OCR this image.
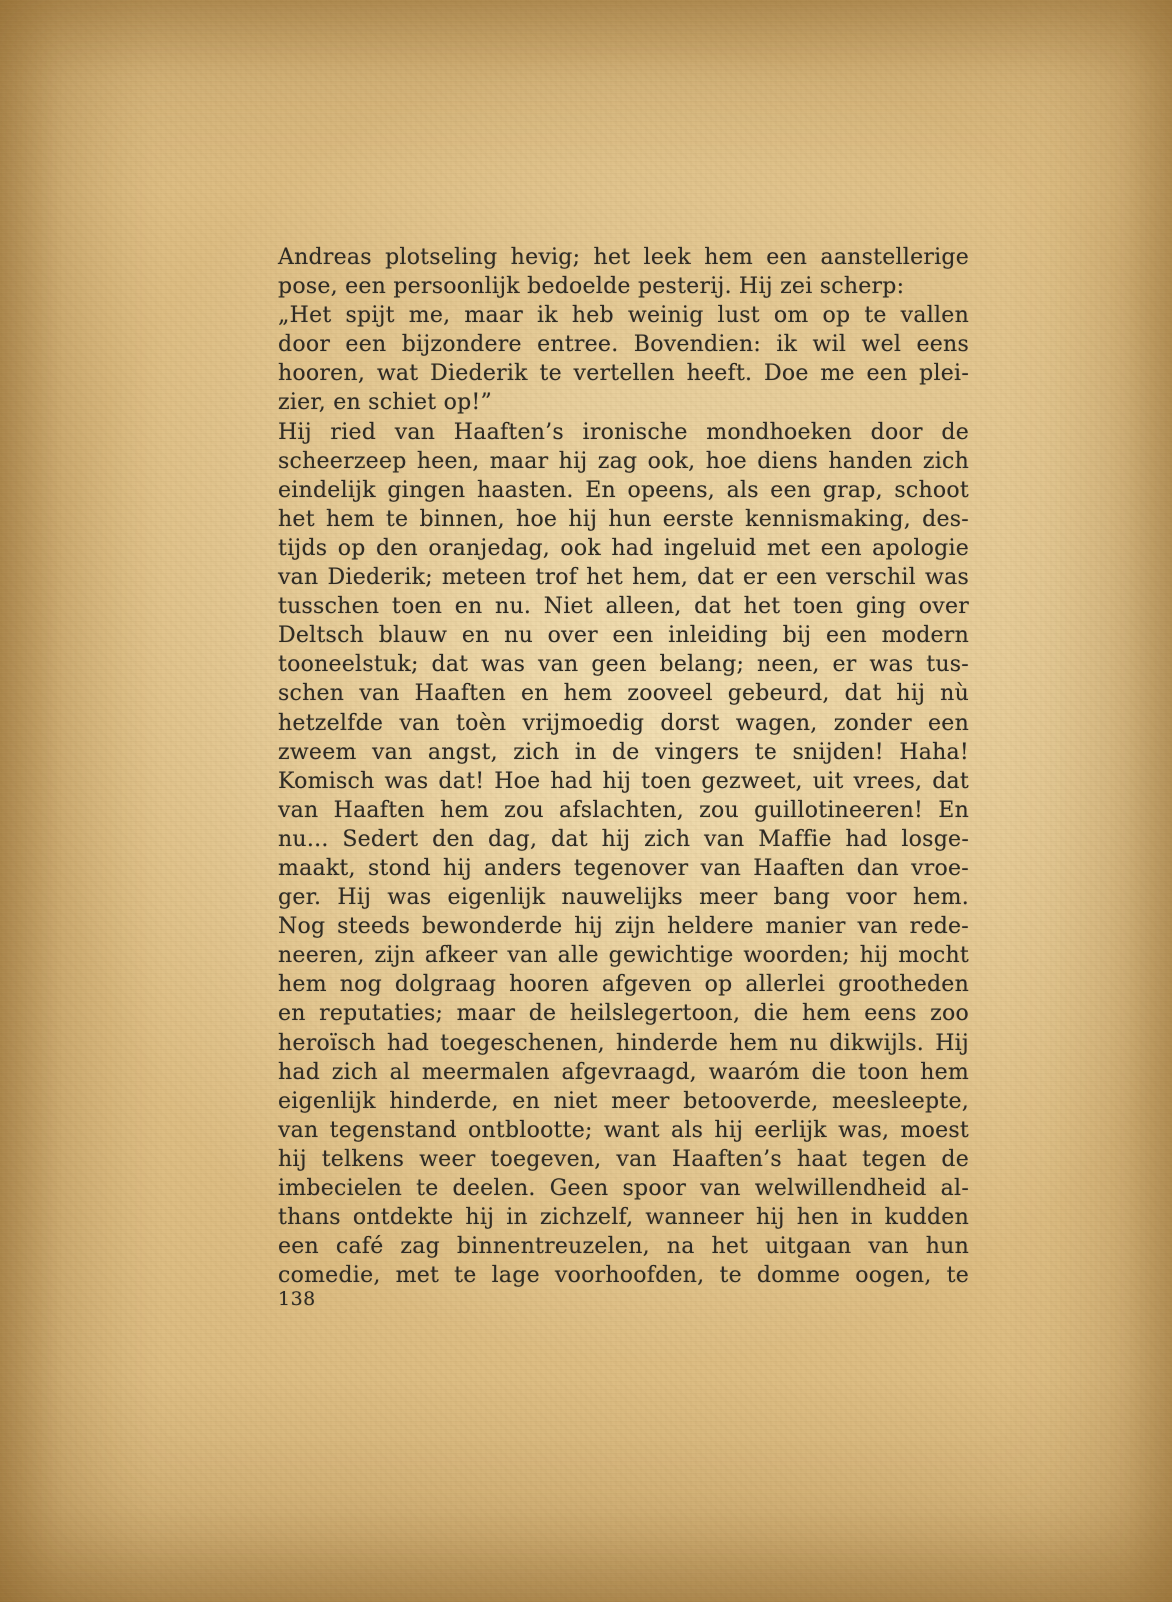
Andreas plotseling hevig; het leek hem een aanstellerige
pose, een persoonlijk bedoelde pesterij. Hij zei scherp:
„Het spijt me, maar ik heb weinig lust om op te vallen
door een bijzondere entree. Bovendien: ik wil wel eens
hooren, wat Diederik te vertellen heeft. Doe me een plei-
zier, en schiet op!”
Hij ried van Haaften’s ironische mondhoeken door de
scheerzeep heen, maar hij zag ook, hoe diens handen zich
eindelijk gingen haasten. En opeens, als een grap, schoot
het hem te binnen, hoe hij hun eerste kennismaking, des-
tijds op den oranjedag, ook had ingeluid met een apologie
van Diederik; meteen trof het hem, dat er een verschil was
tusschen toen en nu. Niet alleen, dat het toen ging over
Deltsch blauw en nu over een inleiding bij een modern
tooneelstuk; dat was van geen belang; neen, er was tus-
schen van Haaften en hem zooveel gebeurd, dat hij nù
hetzelfde van toèn vrijmoedig dorst wagen, zonder een
zweem van angst, zich in de vingers te snijden! Haha!
Komisch was dat! Hoe had hij toen gezweet, uit vrees, dat
van Haaften hem zou afslachten, zou guillotineeren! En
nu... Sedert den dag, dat hij zich van Maffie had losge-
maakt, stond hij anders tegenover van Haaften dan vroe-
ger. Hij was eigenlijk nauwelijks meer bang voor hem.
Nog steeds bewonderde hij zijn heldere manier van rede-
neeren, zijn afkeer van alle gewichtige woorden; hij mocht
hem nog dolgraag hooren afgeven op allerlei grootheden
en reputaties; maar de heilslegertoon, die hem eens zoo
heroïsch had toegeschenen, hinderde hem nu dikwijls. Hij
had zich al meermalen afgevraagd, waaróm die toon hem
eigenlijk hinderde, en niet meer betooverde, meesleepte,
van tegenstand ontblootte; want als hij eerlijk was, moest
hij telkens weer toegeven, van Haaften’s haat tegen de
imbecielen te deelen. Geen spoor van welwillendheid al-
thans ontdekte hij in zichzelf, wanneer hij hen in kudden
een café zag binnentreuzelen, na het uitgaan van hun
comedie, met te lage voorhoofden, te domme oogen, te
138
